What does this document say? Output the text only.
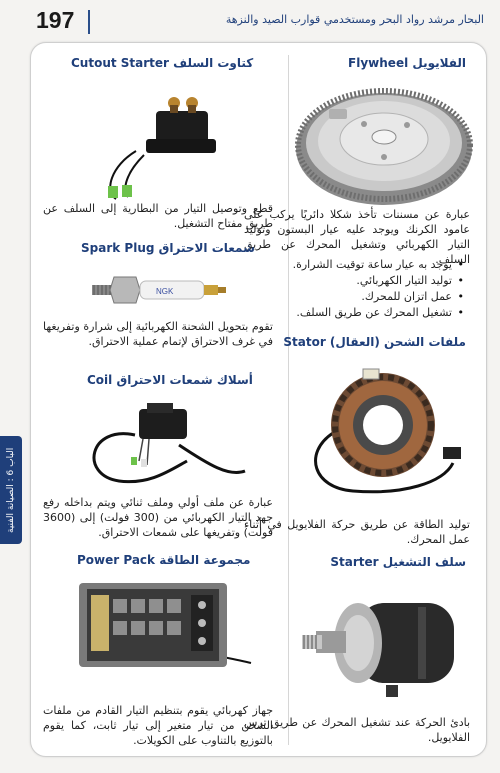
197	البحار مرشد رواد البحر ومستخدمي قوارب الصيد والنزهة
الباب 6 : الصيانة الفنية
الفلايويل Flywheel
عبارة عن مسننات تأخذ شكلا دائريًا يركب على عامود الكرنك ويوجد عليه عيار البستون وتوليد التيار الكهربائي وتشغيل المحرك عن طريق السلف.
• يوجد به عيار ساعة توقيت الشرارة.
• توليد التيار الكهربائي.
• عمل اتزان للمحرك.
• تشغيل المحرك عن طريق السلف.
ملفات الشحن (العقال) Stator
توليد الطاقة عن طريق حركة الفلايويل في أثناء عمل المحرك.
سلف التشغيل Starter
بادئ الحركة عند تشغيل المحرك عن طريق ترس الفلايويل.
كتاوت السلف Cutout Starter
قطع وتوصيل التيار من البطارية إلى السلف عن طريق مفتاح التشغيل.
شمعات الاحتراق Spark Plug
NGK
تقوم بتحويل الشحنة الكهربائية إلى شرارة وتفريغها في غرف الاحتراق لإتمام عملية الاحتراق.
أسلاك شمعات الاحتراق Coil
عبارة عن ملف أولي وملف ثنائي ويتم بداخله رفع جهد التيار الكهربائي من (300 فولت) إلى (3600 فولت) وتفريغها على شمعات الاحتراق.
مجموعة الطاقة Power Pack
جهاز كهربائي يقوم بتنظيم التيار القادم من ملفات الشحن من تيار متغير إلى تيار ثابت، كما يقوم بالتوزيع بالتناوب على الكويلات.
